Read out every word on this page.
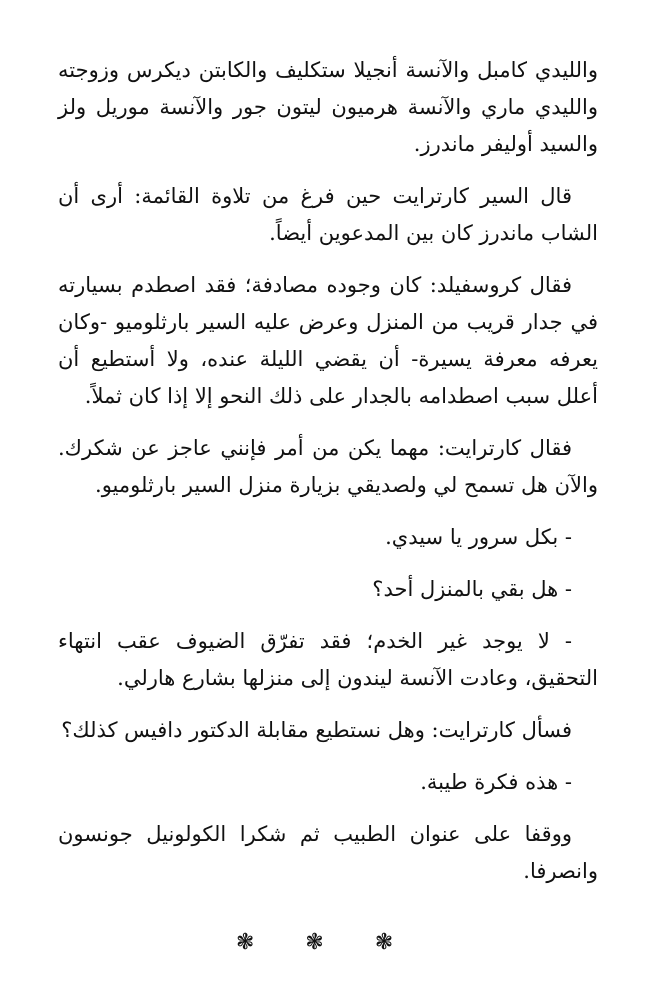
والليدي كامبل والآنسة أنجيلا ستكليف والكابتن ديكرس وزوجته والليدي ماري والآنسة هرميون ليتون جور والآنسة موريل ولز والسيد أوليفر ماندرز.

قال السير كارترايت حين فرغ من تلاوة القائمة: أرى أن الشاب ماندرز كان بين المدعوين أيضاً.

فقال كروسفيلد: كان وجوده مصادفة؛ فقد اصطدم بسيارته في جدار قريب من المنزل وعرض عليه السير بارثلوميو -وكان يعرفه معرفة يسيرة- أن يقضي الليلة عنده، ولا أستطيع أن أعلل سبب اصطدامه بالجدار على ذلك النحو إلا إذا كان ثملاً.

فقال كارترايت: مهما يكن من أمر فإنني عاجز عن شكرك. والآن هل تسمح لي ولصديقي بزيارة منزل السير بارثلوميو.

- بكل سرور يا سيدي.

- هل بقي بالمنزل أحد؟

- لا يوجد غير الخدم؛ فقد تفرّق الضيوف عقب انتهاء التحقيق، وعادت الآنسة ليندون إلى منزلها بشارع هارلي.

فسأل كارترايت: وهل نستطيع مقابلة الدكتور دافيس كذلك؟

- هذه فكرة طيبة.

ووقفا على عنوان الطبيب ثم شكرا الكولونيل جونسون وانصرفا.

❃ ❃ ❃
